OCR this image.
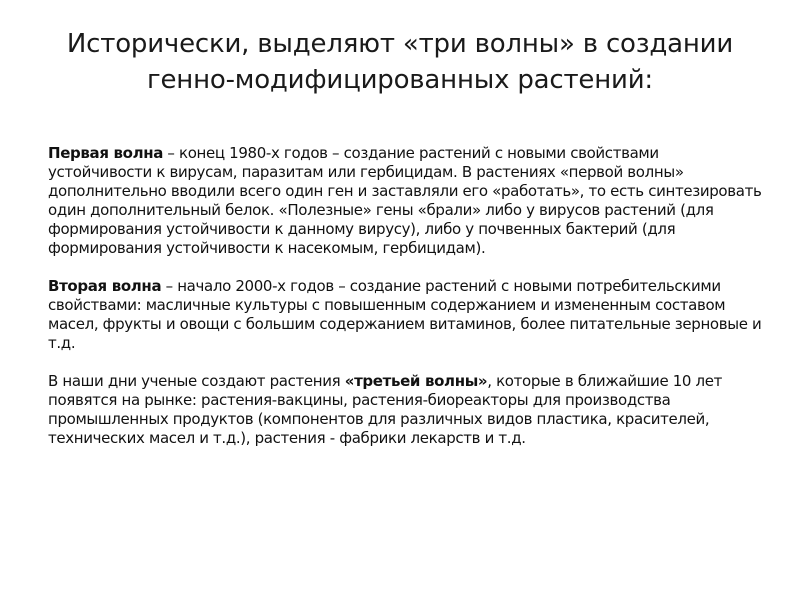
Исторически, выделяют «три волны» в создании
генно-модифицированных растений:

Первая волна – конец 1980-х годов – создание растений с новыми свойствами устойчивости к вирусам, паразитам или гербицидам. В растениях «первой волны» дополнительно вводили всего один ген и заставляли его «работать», то есть синтезировать один дополнительный белок. «Полезные» гены «брали» либо у вирусов растений (для формирования устойчивости к данному вирусу), либо у почвенных бактерий (для формирования устойчивости к насекомым, гербицидам).

Вторая волна – начало 2000-х годов – создание растений с новыми потребительскими свойствами: масличные культуры с повышенным содержанием и измененным составом масел, фрукты и овощи с большим содержанием витаминов, более питательные зерновые и т.д.

В наши дни ученые создают растения «третьей волны», которые в ближайшие 10 лет появятся на рынке: растения-вакцины, растения-биореакторы для производства промышленных продуктов (компонентов для различных видов пластика, красителей, технических масел и т.д.), растения - фабрики лекарств и т.д.
